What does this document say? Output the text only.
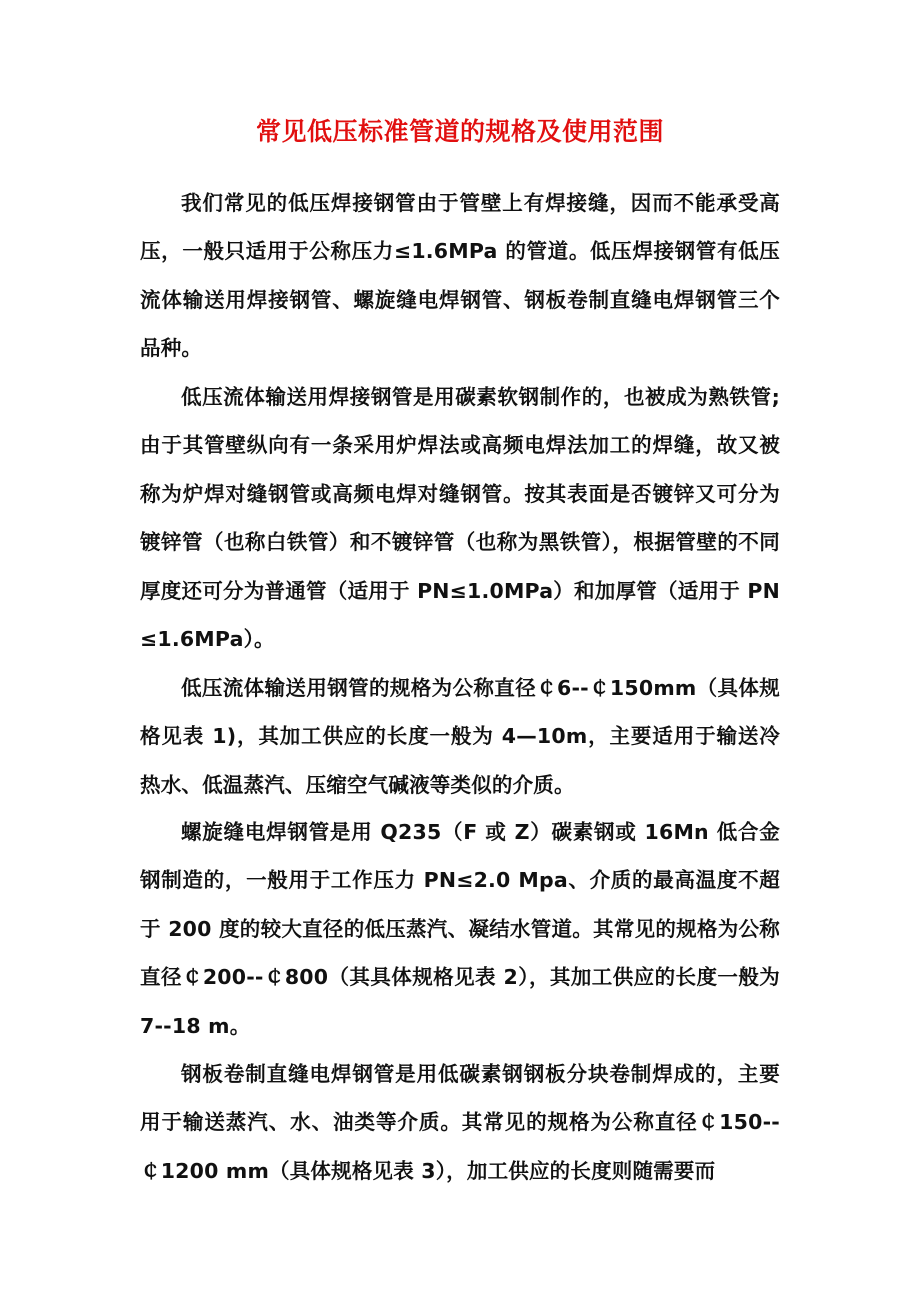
常见低压标准管道的规格及使用范围

我们常见的低压焊接钢管由于管壁上有焊接缝，因而不能承受高压，一般只适用于公称压力≤1.6MPa 的管道。低压焊接钢管有低压流体输送用焊接钢管、螺旋缝电焊钢管、钢板卷制直缝电焊钢管三个品种。

低压流体输送用焊接钢管是用碳素软钢制作的，也被成为熟铁管;由于其管壁纵向有一条采用炉焊法或高频电焊法加工的焊缝，故又被称为炉焊对缝钢管或高频电焊对缝钢管。按其表面是否镀锌又可分为镀锌管（也称白铁管）和不镀锌管（也称为黑铁管），根据管壁的不同厚度还可分为普通管（适用于 PN≤1.0MPa）和加厚管（适用于 PN≤1.6MPa）。

低压流体输送用钢管的规格为公称直径￠6--￠150mm（具体规格见表 1)，其加工供应的长度一般为 4—10m，主要适用于输送冷热水、低温蒸汽、压缩空气碱液等类似的介质。

螺旋缝电焊钢管是用 Q235（F 或 Z）碳素钢或 16Mn 低合金钢制造的，一般用于工作压力 PN≤2.0 Mpa、介质的最高温度不超于 200 度的较大直径的低压蒸汽、凝结水管道。其常见的规格为公称直径￠200--￠800（其具体规格见表 2），其加工供应的长度一般为 7--18 m。

钢板卷制直缝电焊钢管是用低碳素钢钢板分块卷制焊成的，主要用于输送蒸汽、水、油类等介质。其常见的规格为公称直径￠150--￠1200 mm（具体规格见表 3），加工供应的长度则随需要而
